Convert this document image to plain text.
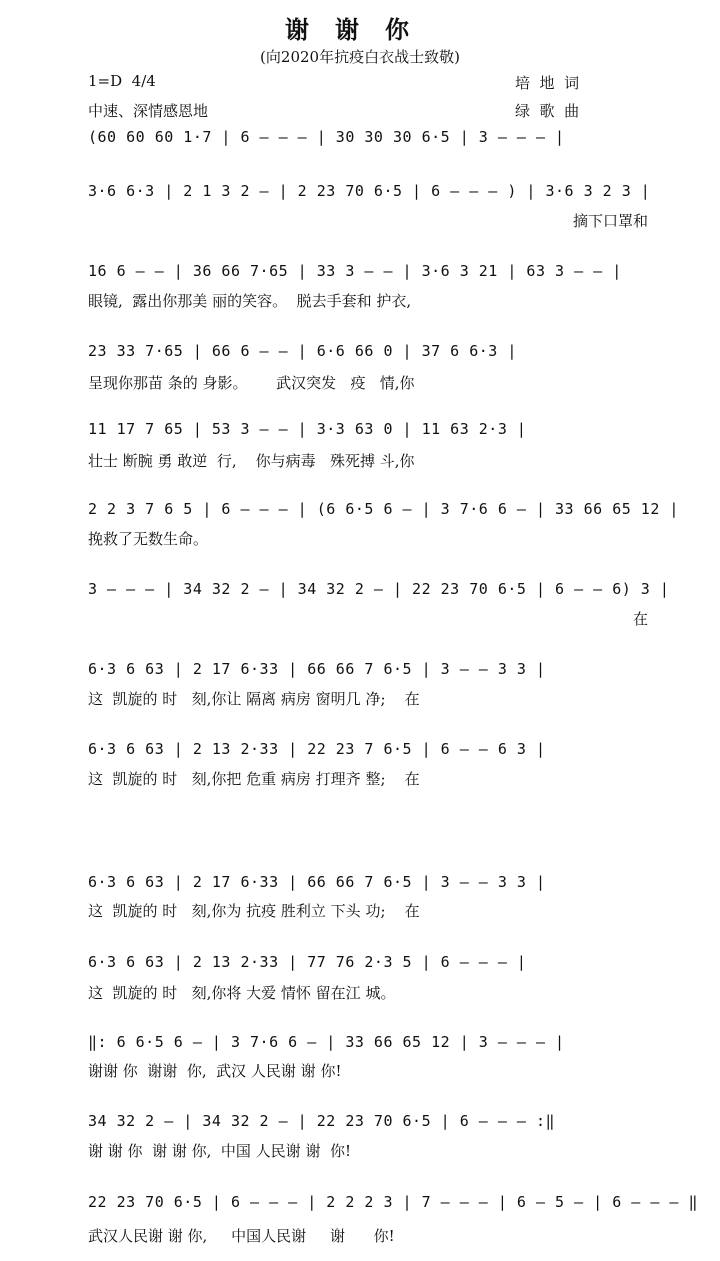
谢谢你
(向2020年抗疫白衣战士致敬)
1=D  4/4
中速、深情感恩地
培  地  词
绿  歌  曲
(60 60 60 1·7 | 6 – – – | 30 30 30 6·5 | 3 – – – |
3·6 6·3 | 2 1 3 2 – | 2 23 70 6·5 | 6 – – – ) | 3·6 3 2 3 |
摘下口罩和
16 6 – – | 36 66 7·65 | 33 3 – – | 3·6 3 21 | 63 3 – – |
眼镜,  露出你那美 丽的笑容。  脱去手套和 护衣,
23 33 7·65 | 66 6 – – | 6·6 66 0 | 37 6 6·3 |
呈现你那苗 条的 身影。      武汉突发   疫   情,你
11 17 7 65 | 53 3 – – | 3·3 63 0 | 11 63 2·3 |
壮士 断腕 勇 敢逆  行,    你与病毒   殊死搏 斗,你
2 2 3 7 6 5 | 6 – – – | (6 6·5 6 – | 3 7·6 6 – | 33 66 65 12 |
挽救了无数生命。
3 – – – | 34 32 2 – | 34 32 2 – | 22 23 70 6·5 | 6 – – 6) 3 |
在
6·3 6 63 | 2 17 6·33 | 66 66 7 6·5 | 3 – – 3 3 |
这  凯旋的 时   刻,你让 隔离 病房 窗明几 净;    在
6·3 6 63 | 2 13 2·33 | 22 23 7 6·5 | 6 – – 6 3 |
这  凯旋的 时   刻,你把 危重 病房 打理齐 整;    在
6·3 6 63 | 2 17 6·33 | 66 66 7 6·5 | 3 – – 3 3 |
这  凯旋的 时   刻,你为 抗疫 胜利立 下头 功;    在
6·3 6 63 | 2 13 2·33 | 77 76 2·3 5 | 6 – – – |
这  凯旋的 时   刻,你将 大爱 情怀 留在江 城。
‖: 6 6·5 6 – | 3 7·6 6 – | 33 66 65 12 | 3 – – – |
谢谢 你  谢谢  你,  武汉 人民谢 谢 你!
34 32 2 – | 34 32 2 – | 22 23 70 6·5 | 6 – – – :‖
谢 谢 你  谢 谢 你,  中国 人民谢 谢  你!
22 23 70 6·5 | 6 – – – | 2 2 2 3 | 7 – – – | 6 – 5 – | 6 – – – ‖
武汉人民谢 谢 你,     中国人民谢     谢      你!
